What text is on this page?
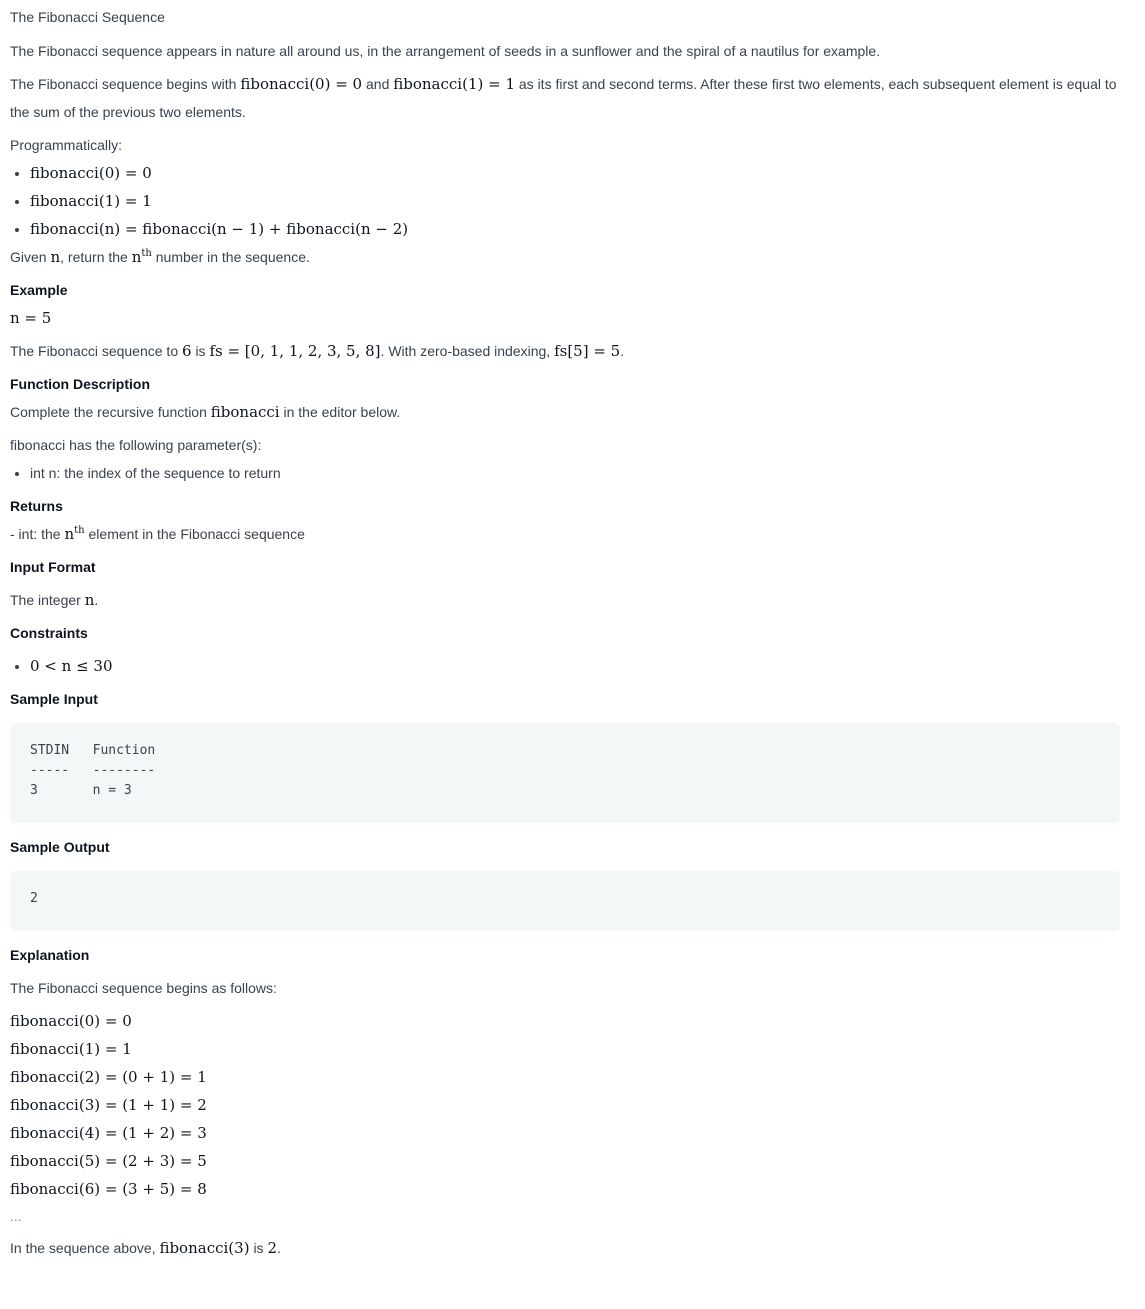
The Fibonacci Sequence

The Fibonacci sequence appears in nature all around us, in the arrangement of seeds in a sunflower and the spiral of a nautilus for example.

The Fibonacci sequence begins with fibonacci(0) = 0 and fibonacci(1) = 1 as its first and second terms. After these first two elements, each subsequent element is equal to the sum of the previous two elements.

Programmatically:

• fibonacci(0) = 0
• fibonacci(1) = 1
• fibonacci(n) = fibonacci(n − 1) + fibonacci(n − 2)

Given n, return the $n^{th}$ number in the sequence.

Example

n = 5

The Fibonacci sequence to 6 is fs = [0, 1, 1, 2, 3, 5, 8]. With zero-based indexing, fs[5] = 5.

Function Description

Complete the recursive function fibonacci in the editor below.

fibonacci has the following parameter(s):

• int n: the index of the sequence to return

Returns

- int: the $n^{th}$ element in the Fibonacci sequence

Input Format

The integer n.

Constraints

• 0 < n ≤ 30

Sample Input

STDIN   Function
-----   --------
3       n = 3

Sample Output

2

Explanation

The Fibonacci sequence begins as follows:

fibonacci(0) = 0

fibonacci(1) = 1

fibonacci(2) = (0 + 1) = 1

fibonacci(3) = (1 + 1) = 2

fibonacci(4) = (1 + 2) = 3

fibonacci(5) = (2 + 3) = 5

fibonacci(6) = (3 + 5) = 8

...

In the sequence above, fibonacci(3) is 2.
